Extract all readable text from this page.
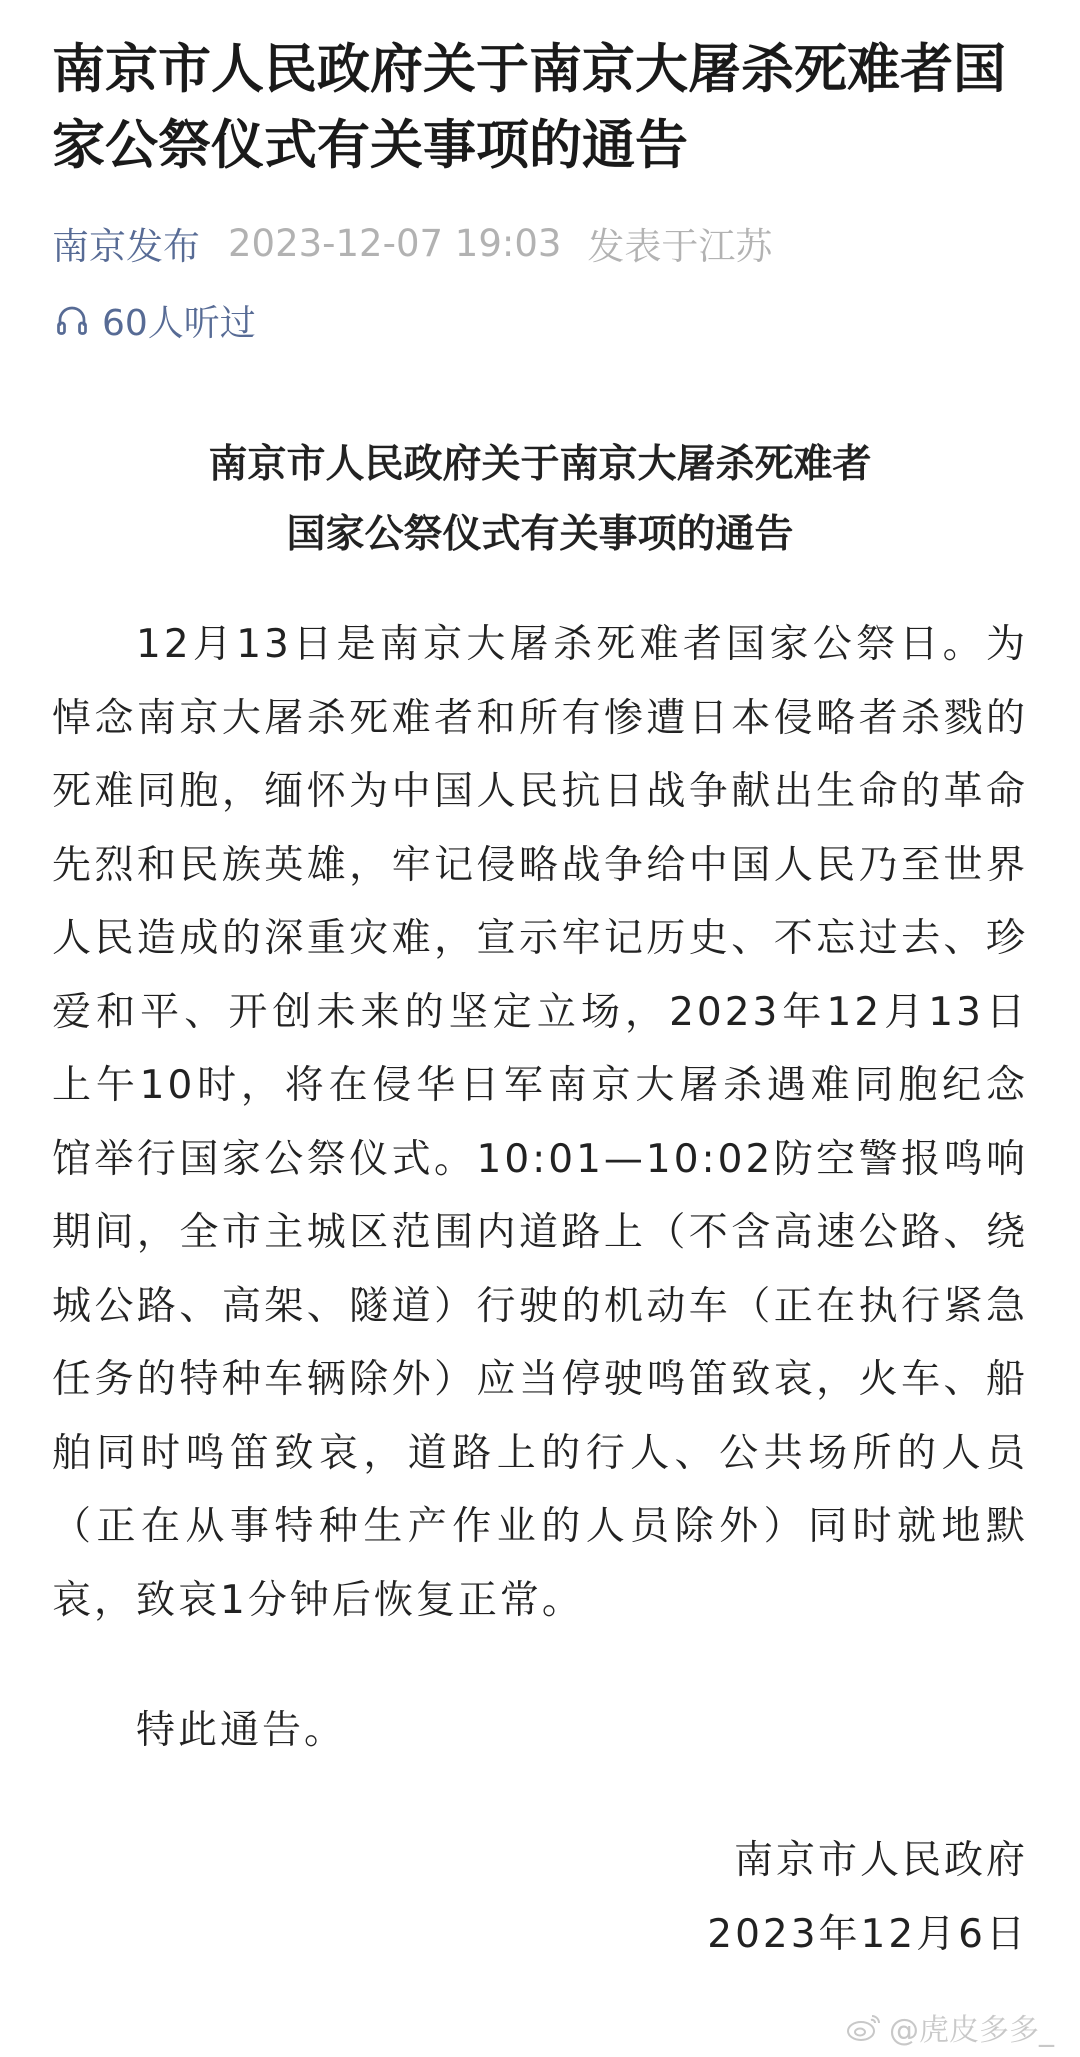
南京市人民政府关于南京大屠杀死难者国家公祭仪式有关事项的通告
南京发布 2023-12-07 19:03 发表于江苏
60人听过
南京市人民政府关于南京大屠杀死难者
国家公祭仪式有关事项的通告

12月13日是南京大屠杀死难者国家公祭日。为悼念南京大屠杀死难者和所有惨遭日本侵略者杀戮的死难同胞，缅怀为中国人民抗日战争献出生命的革命先烈和民族英雄，牢记侵略战争给中国人民乃至世界人民造成的深重灾难，宣示牢记历史、不忘过去、珍爱和平、开创未来的坚定立场，2023年12月13日上午10时，将在侵华日军南京大屠杀遇难同胞纪念馆举行国家公祭仪式。10:01—10:02防空警报鸣响期间，全市主城区范围内道路上（不含高速公路、绕城公路、高架、隧道）行驶的机动车（正在执行紧急任务的特种车辆除外）应当停驶鸣笛致哀，火车、船舶同时鸣笛致哀，道路上的行人、公共场所的人员（正在从事特种生产作业的人员除外）同时就地默哀，致哀1分钟后恢复正常。

特此通告。

南京市人民政府
2023年12月6日
@虎皮多多_
